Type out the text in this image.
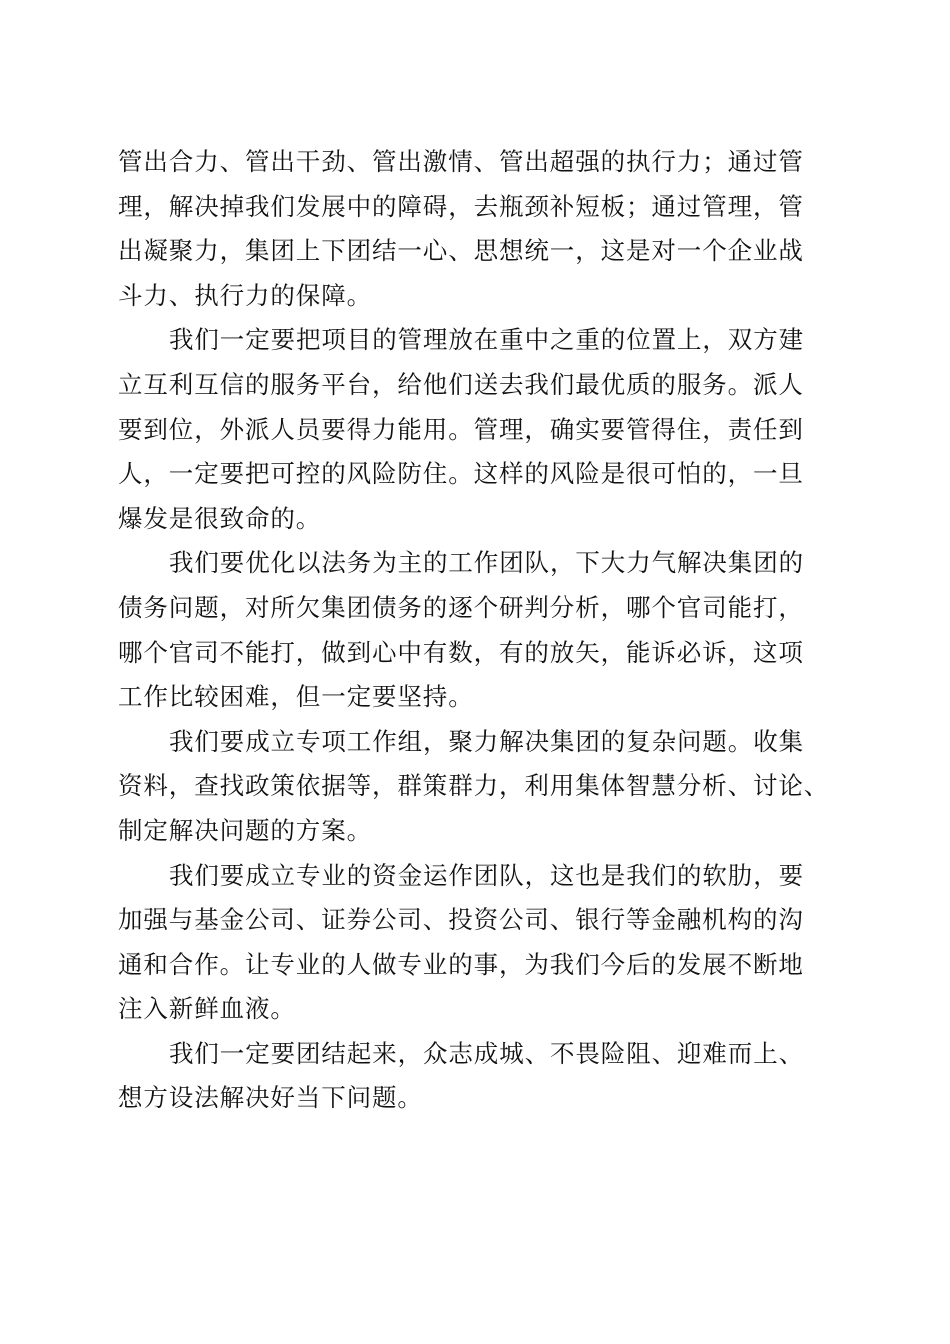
管出合力、管出干劲、管出激情、管出超强的执行力；通过管
理，解决掉我们发展中的障碍，去瓶颈补短板；通过管理，管
出凝聚力，集团上下团结一心、思想统一，这是对一个企业战
斗力、执行力的保障。
我们一定要把项目的管理放在重中之重的位置上，双方建
立互利互信的服务平台，给他们送去我们最优质的服务。派人
要到位，外派人员要得力能用。管理，确实要管得住，责任到
人，一定要把可控的风险防住。这样的风险是很可怕的，一旦
爆发是很致命的。
我们要优化以法务为主的工作团队，下大力气解决集团的
债务问题，对所欠集团债务的逐个研判分析，哪个官司能打，
哪个官司不能打，做到心中有数，有的放矢，能诉必诉，这项
工作比较困难，但一定要坚持。
我们要成立专项工作组，聚力解决集团的复杂问题。收集
资料，查找政策依据等，群策群力，利用集体智慧分析、讨论、
制定解决问题的方案。
我们要成立专业的资金运作团队，这也是我们的软肋，要
加强与基金公司、证券公司、投资公司、银行等金融机构的沟
通和合作。让专业的人做专业的事，为我们今后的发展不断地
注入新鲜血液。
我们一定要团结起来，众志成城、不畏险阻、迎难而上、
想方设法解决好当下问题。
